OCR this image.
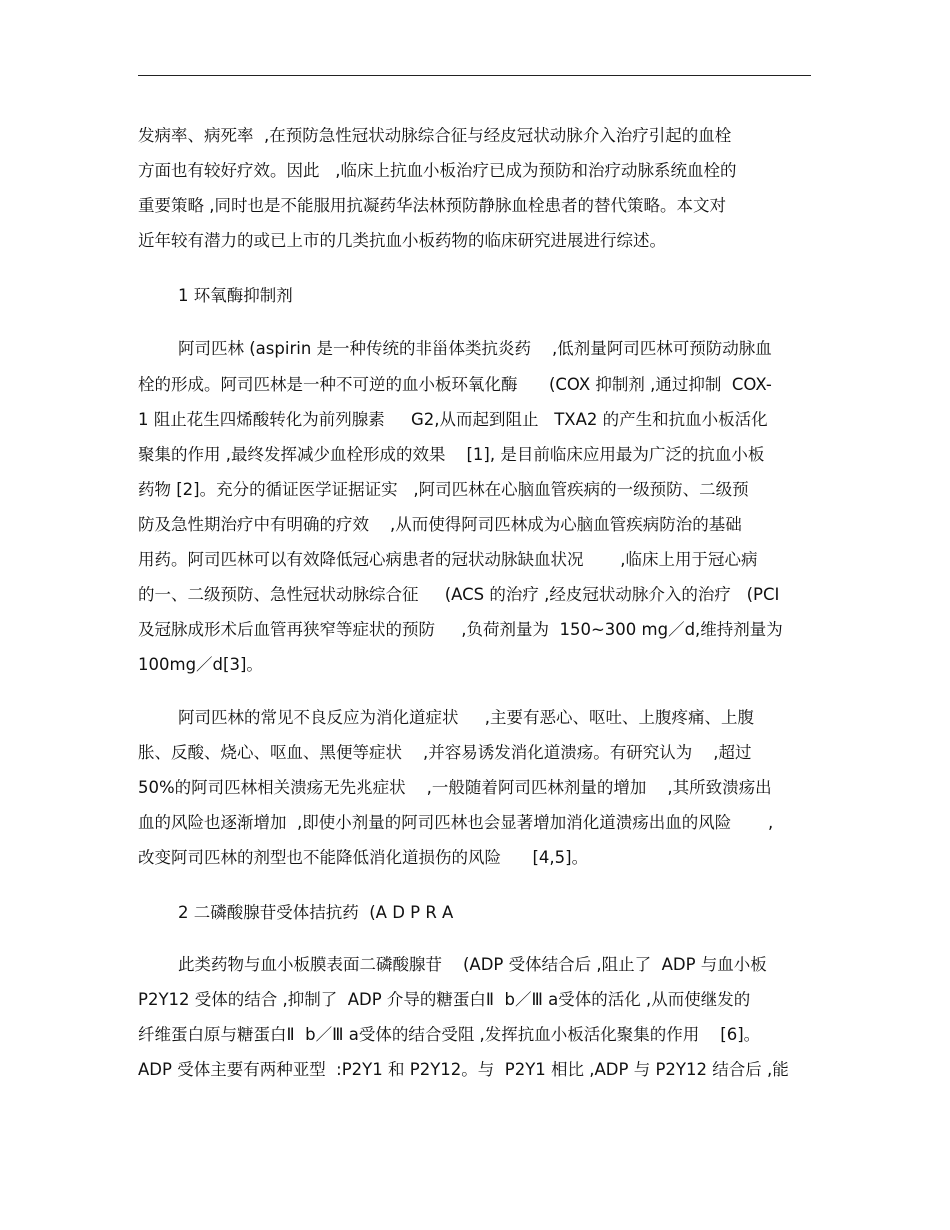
发病率、病死率  ,在预防急性冠状动脉综合征与经皮冠状动脉介入治疗引起的血栓
方面也有较好疗效。因此   ,临床上抗血小板治疗已成为预防和治疗动脉系统血栓的
重要策略 ,同时也是不能服用抗凝药华法林预防静脉血栓患者的替代策略。本文对
近年较有潜力的或已上市的几类抗血小板药物的临床研究进展进行综述。
1 环氧酶抑制剂
阿司匹林 (aspirin 是一种传统的非甾体类抗炎药    ,低剂量阿司匹林可预防动脉血
栓的形成。阿司匹林是一种不可逆的血小板环氧化酶      (COX 抑制剂 ,通过抑制  COX-
1 阻止花生四烯酸转化为前列腺素     G2,从而起到阻止   TXA2 的产生和抗血小板活化
聚集的作用 ,最终发挥减少血栓形成的效果    [1], 是目前临床应用最为广泛的抗血小板
药物 [2]。充分的循证医学证据证实   ,阿司匹林在心脑血管疾病的一级预防、二级预
防及急性期治疗中有明确的疗效    ,从而使得阿司匹林成为心脑血管疾病防治的基础
用药。阿司匹林可以有效降低冠心病患者的冠状动脉缺血状况       ,临床上用于冠心病
的一、二级预防、急性冠状动脉综合征     (ACS 的治疗 ,经皮冠状动脉介入的治疗   (PCI
及冠脉成形术后血管再狭窄等症状的预防     ,负荷剂量为  150~300 mg／d,维持剂量为
100mg／d[3]。
阿司匹林的常见不良反应为消化道症状     ,主要有恶心、呕吐、上腹疼痛、上腹
胀、反酸、烧心、呕血、黑便等症状    ,并容易诱发消化道溃疡。有研究认为    ,超过
50%的阿司匹林相关溃疡无先兆症状    ,一般随着阿司匹林剂量的增加    ,其所致溃疡出
血的风险也逐渐增加  ,即使小剂量的阿司匹林也会显著增加消化道溃疡出血的风险       ,
改变阿司匹林的剂型也不能降低消化道损伤的风险      [4,5]。
2 二磷酸腺苷受体拮抗药  (A D P R A
此类药物与血小板膜表面二磷酸腺苷    (ADP 受体结合后 ,阻止了  ADP 与血小板
P2Y12 受体的结合 ,抑制了  ADP 介导的糖蛋白Ⅱ  b／Ⅲ a受体的活化 ,从而使继发的
纤维蛋白原与糖蛋白Ⅱ  b／Ⅲ a受体的结合受阻 ,发挥抗血小板活化聚集的作用    [6]。
ADP 受体主要有两种亚型  :P2Y1 和 P2Y12。与  P2Y1 相比 ,ADP 与 P2Y12 结合后 ,能
